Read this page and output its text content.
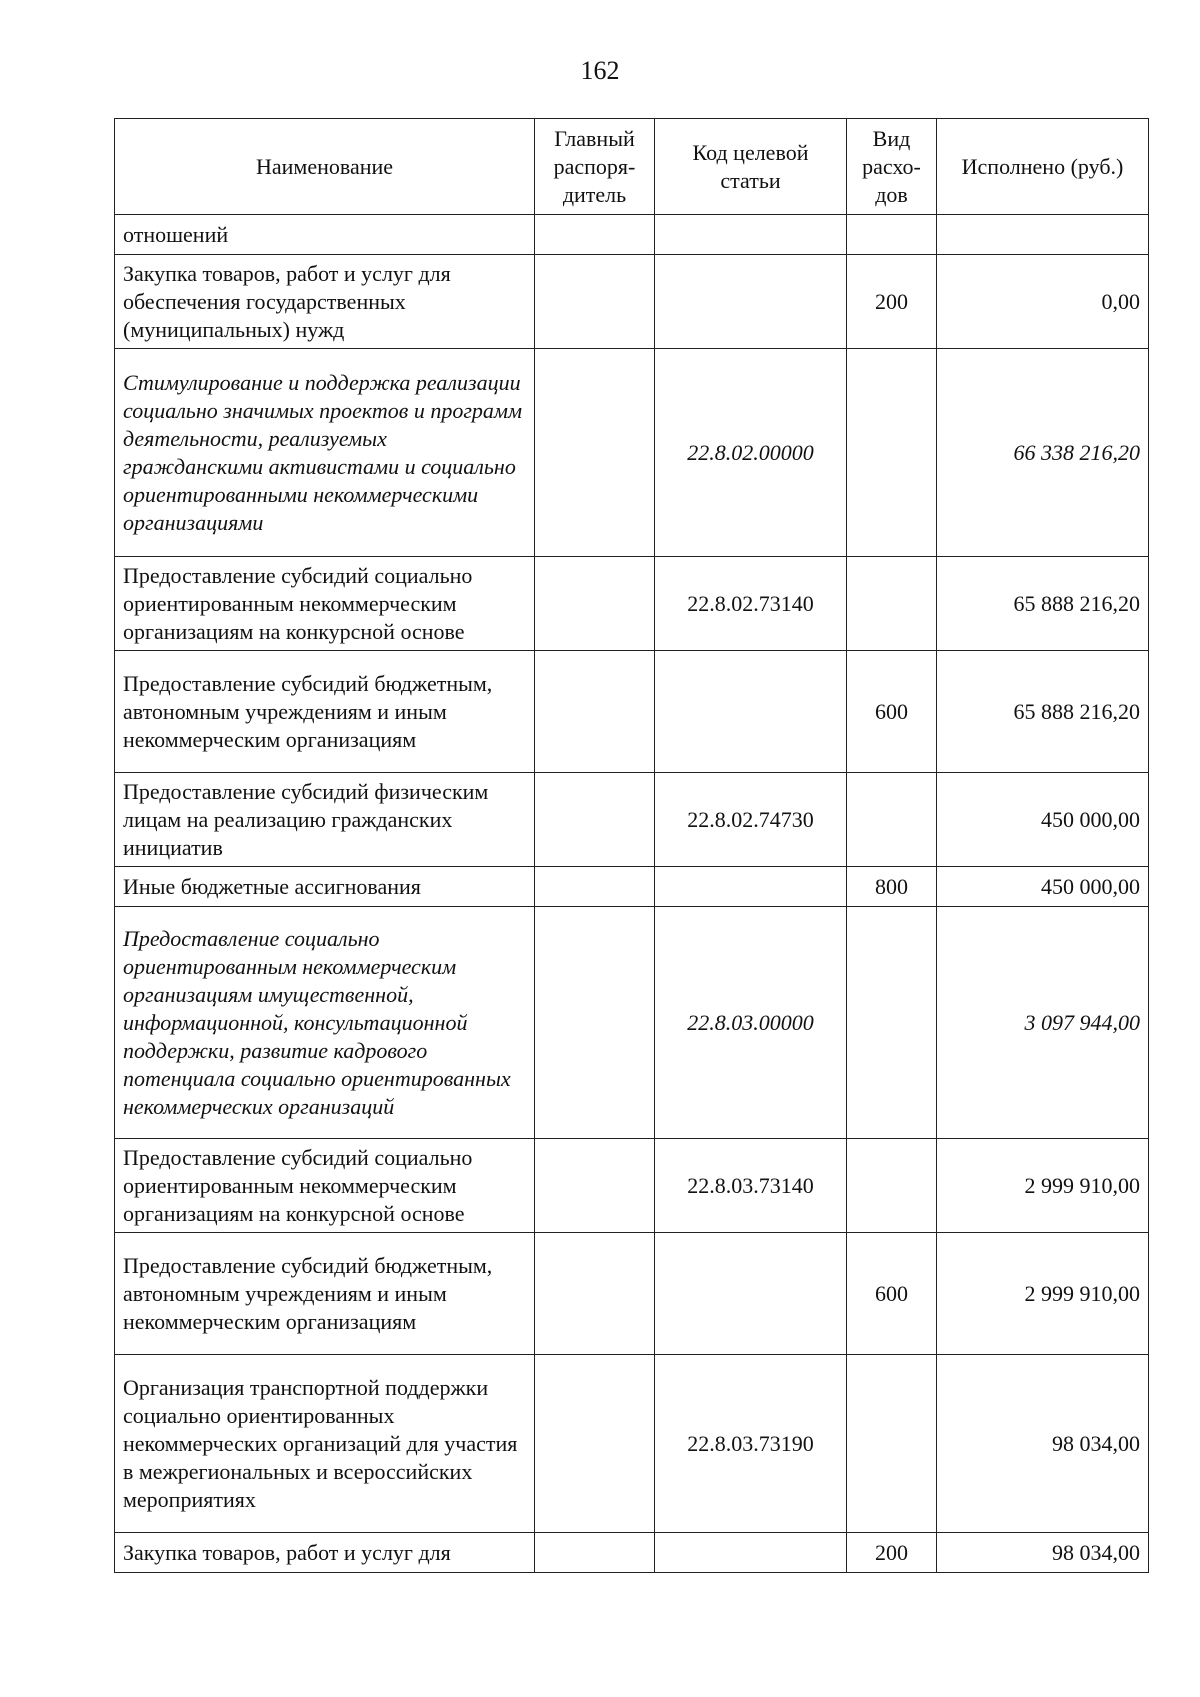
162
Наименование	Главный распоря-дитель	Код целевой статьи	Вид расхо-дов	Исполнено (руб.)
отношений				
Закупка товаров, работ и услуг для обеспечения государственных (муниципальных) нужд			200	0,00
Стимулирование и поддержка реализации социально значимых проектов и программ деятельности, реализуемых гражданскими активистами и социально ориентированными некоммерческими организациями		22.8.02.00000		66 338 216,20
Предоставление субсидий социально ориентированным некоммерческим организациям на конкурсной основе		22.8.02.73140		65 888 216,20
Предоставление субсидий бюджетным, автономным учреждениям и иным некоммерческим организациям			600	65 888 216,20
Предоставление субсидий физическим лицам на реализацию гражданских инициатив		22.8.02.74730		450 000,00
Иные бюджетные ассигнования			800	450 000,00
Предоставление социально ориентированным некоммерческим организациям имущественной, информационной, консультационной поддержки, развитие кадрового потенциала социально ориентированных некоммерческих организаций		22.8.03.00000		3 097 944,00
Предоставление субсидий социально ориентированным некоммерческим организациям на конкурсной основе		22.8.03.73140		2 999 910,00
Предоставление субсидий бюджетным, автономным учреждениям и иным некоммерческим организациям			600	2 999 910,00
Организация транспортной поддержки социально ориентированных некоммерческих организаций для участия в межрегиональных и всероссийских мероприятиях		22.8.03.73190		98 034,00
Закупка товаров, работ и услуг для			200	98 034,00
